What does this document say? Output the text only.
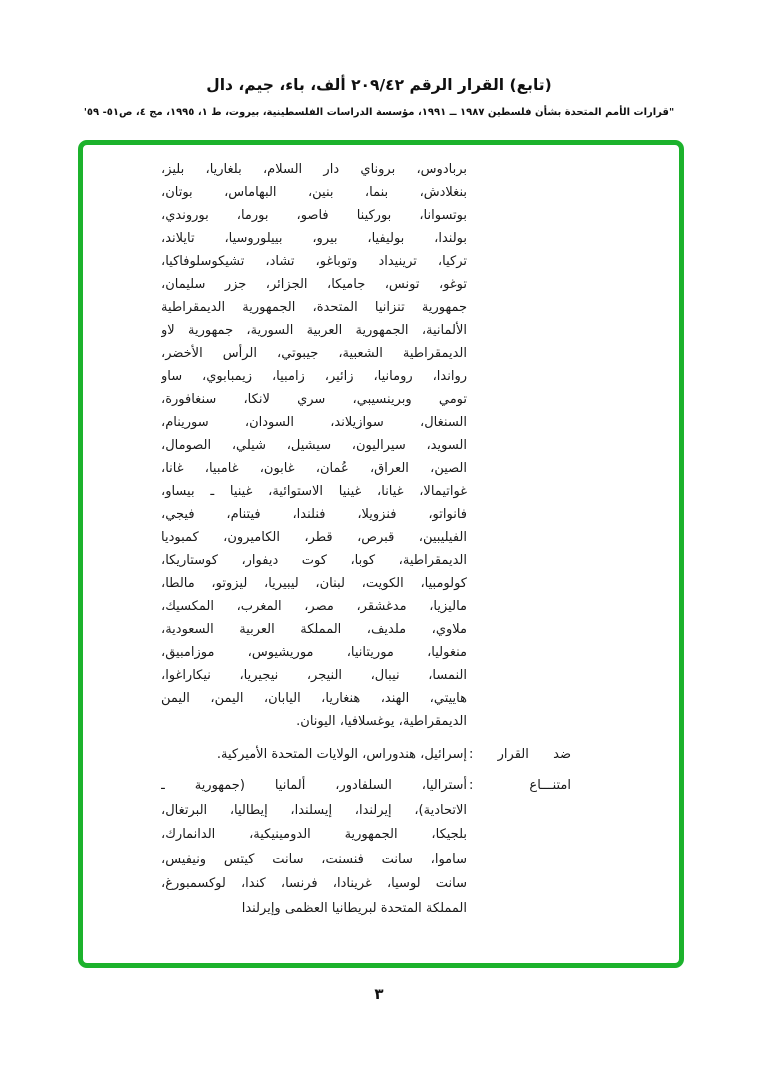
(تابع) القرار الرقم ٢٠٩/٤٢ ألف، باء، جيم، دال
"قرارات الأمم المتحدة بشأن فلسطين ١٩٨٧ ــ ١٩٩١، مؤسسة الدراسات الفلسطينية، بيروت، ط ١، ١٩٩٥، مج ٤، ص٥١- ٥٩'
بربادوس، بروناي دار السلام، بلغاريا، بليز،
بنغلادش، بنما، بنين، البهاماس، بوتان،
بوتسوانا، بوركينا فاصو، بورما، بوروندي،
بولندا، بوليفيا، بيرو، بييلوروسيا، تايلاند،
تركيا، ترينيداد وتوباغو، تشاد، تشيكوسلوفاكيا،
توغو، تونس، جاميكا، الجزائر، جزر سليمان،
جمهورية تنزانيا المتحدة، الجمهورية الديمقراطية
الألمانية، الجمهورية العربية السورية، جمهورية لاو
الديمقراطية الشعبية، جيبوتي، الرأس الأخضر،
رواندا، رومانيا، زائير، زامبيا، زيمبابوي، ساو
تومي وبرينسيبي، سري لانكا، سنغافورة،
السنغال، سوازيلاند، السودان، سورينام،
السويد، سيراليون، سيشيل، شيلي، الصومال،
الصين، العراق، عُمان، غابون، غامبيا، غانا،
غواتيمالا، غيانا، غينيا الاستوائية، غينيا ـ بيساو،
فانواتو، فنزويلا، فنلندا، فيتنام، فيجي،
الفيليبين، قبرص، قطر، الكاميرون، كمبوديا
الديمقراطية، كوبا، كوت ديفوار، كوستاريكا،
كولومبيا، الكويت، لبنان، ليبيريا، ليزوتو، مالطا،
ماليزيا، مدغشقر، مصر، المغرب، المكسيك،
ملاوي، ملديف، المملكة العربية السعودية،
منغوليا، موريتانيا، موريشيوس، موزامبيق،
النمسا، نيبال، النيجر، نيجيريا، نيكاراغوا،
هاييتي، الهند، هنغاريا، اليابان، اليمن، اليمن
الديمقراطية، يوغسلافيا، اليونان.
ضد القرار :
إسرائيل، هندوراس، الولايات المتحدة الأميركية.
امتنـــاع :
أستراليا، السلفادور، ألمانيا (جمهورية ـ
الاتحادية)، إيرلندا، إيسلندا، إيطاليا، البرتغال،
بلجيكا، الجمهورية الدومينيكية، الدانمارك،
ساموا، سانت فنسنت، سانت كيتس ونيفيس،
سانت لوسيا، غرينادا، فرنسا، كندا، لوكسمبورغ،
المملكة المتحدة لبريطانيا العظمى وإيرلندا
٣
